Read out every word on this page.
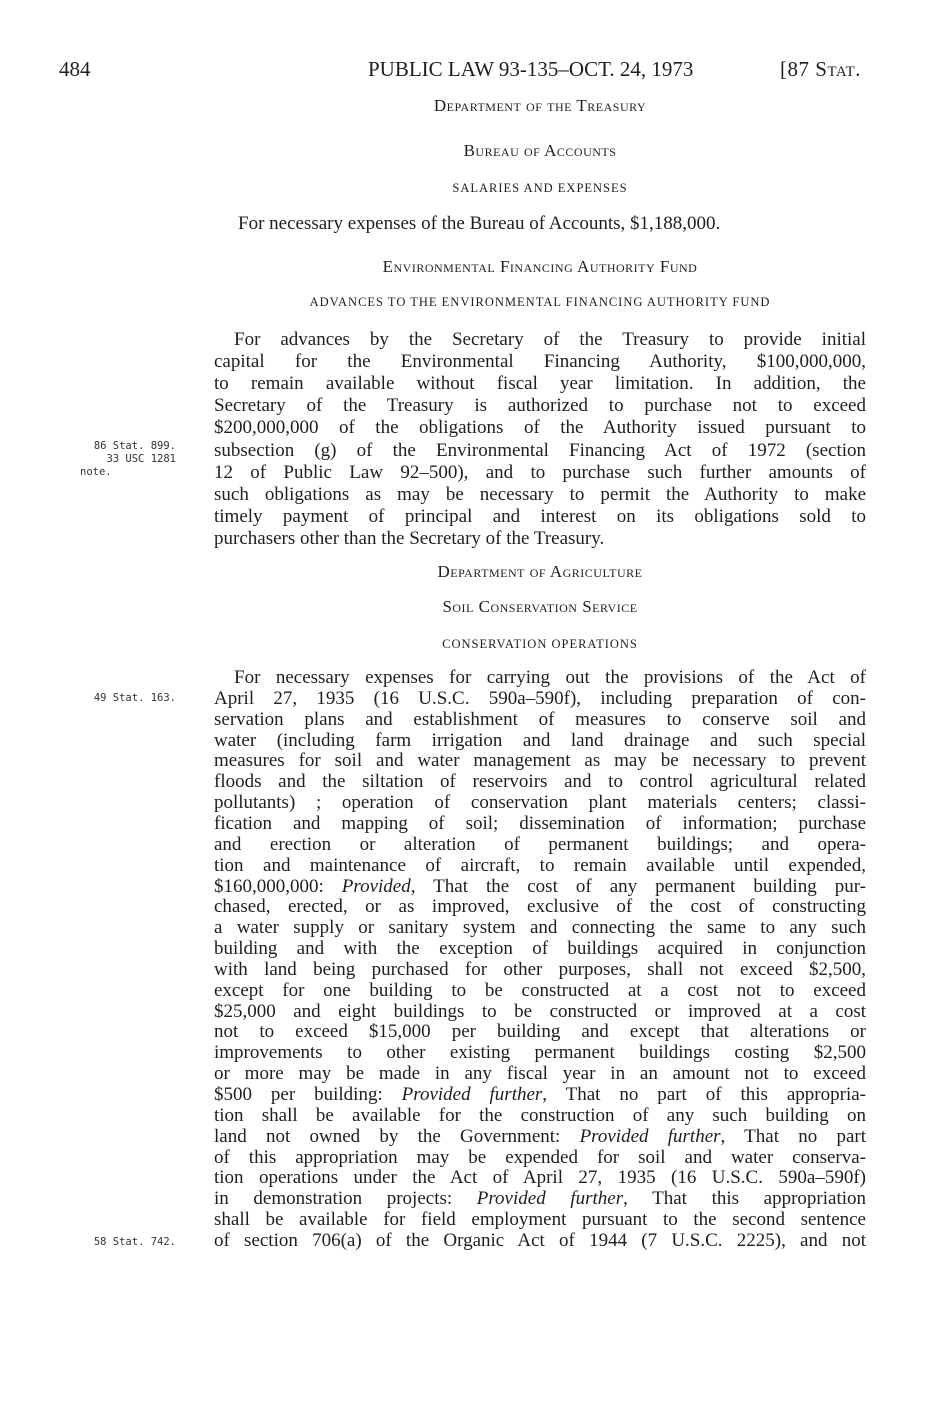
484	PUBLIC LAW 93-135–OCT. 24, 1973	[87 Stat.
Department of the Treasury
Bureau of Accounts
SALARIES AND EXPENSES
For necessary expenses of the Bureau of Accounts, $1,188,000.
Environmental Financing Authority Fund
ADVANCES TO THE ENVIRONMENTAL FINANCING AUTHORITY FUND
For advances by the Secretary of the Treasury to provide initial
capital for the Environmental Financing Authority, $100,000,000,
to remain available without fiscal year limitation. In addition, the
Secretary of the Treasury is authorized to purchase not to exceed
$200,000,000 of the obligations of the Authority issued pursuant to
subsection (g) of the Environmental Financing Act of 1972 (section
12 of Public Law 92–500), and to purchase such further amounts of
such obligations as may be necessary to permit the Authority to make
timely payment of principal and interest on its obligations sold to
purchasers other than the Secretary of the Treasury.
86 Stat. 899.
33 USC 1281
note.
Department of Agriculture
Soil Conservation Service
CONSERVATION OPERATIONS
49 Stat. 163.
For necessary expenses for carrying out the provisions of the Act of
April 27, 1935 (16 U.S.C. 590a–590f), including preparation of con-
servation plans and establishment of measures to conserve soil and
water (including farm irrigation and land drainage and such special
measures for soil and water management as may be necessary to prevent
floods and the siltation of reservoirs and to control agricultural related
pollutants) ; operation of conservation plant materials centers; classi-
fication and mapping of soil; dissemination of information; purchase
and erection or alteration of permanent buildings; and opera-
tion and maintenance of aircraft, to remain available until expended,
$160,000,000: Provided, That the cost of any permanent building pur-
chased, erected, or as improved, exclusive of the cost of constructing
a water supply or sanitary system and connecting the same to any such
building and with the exception of buildings acquired in conjunction
with land being purchased for other purposes, shall not exceed $2,500,
except for one building to be constructed at a cost not to exceed
$25,000 and eight buildings to be constructed or improved at a cost
not to exceed $15,000 per building and except that alterations or
improvements to other existing permanent buildings costing $2,500
or more may be made in any fiscal year in an amount not to exceed
$500 per building: Provided further, That no part of this appropria-
tion shall be available for the construction of any such building on
land not owned by the Government: Provided further, That no part
of this appropriation may be expended for soil and water conserva-
tion operations under the Act of April 27, 1935 (16 U.S.C. 590a–590f)
in demonstration projects: Provided further, That this appropriation
shall be available for field employment pursuant to the second sentence
of section 706(a) of the Organic Act of 1944 (7 U.S.C. 2225), and not
58 Stat. 742.
